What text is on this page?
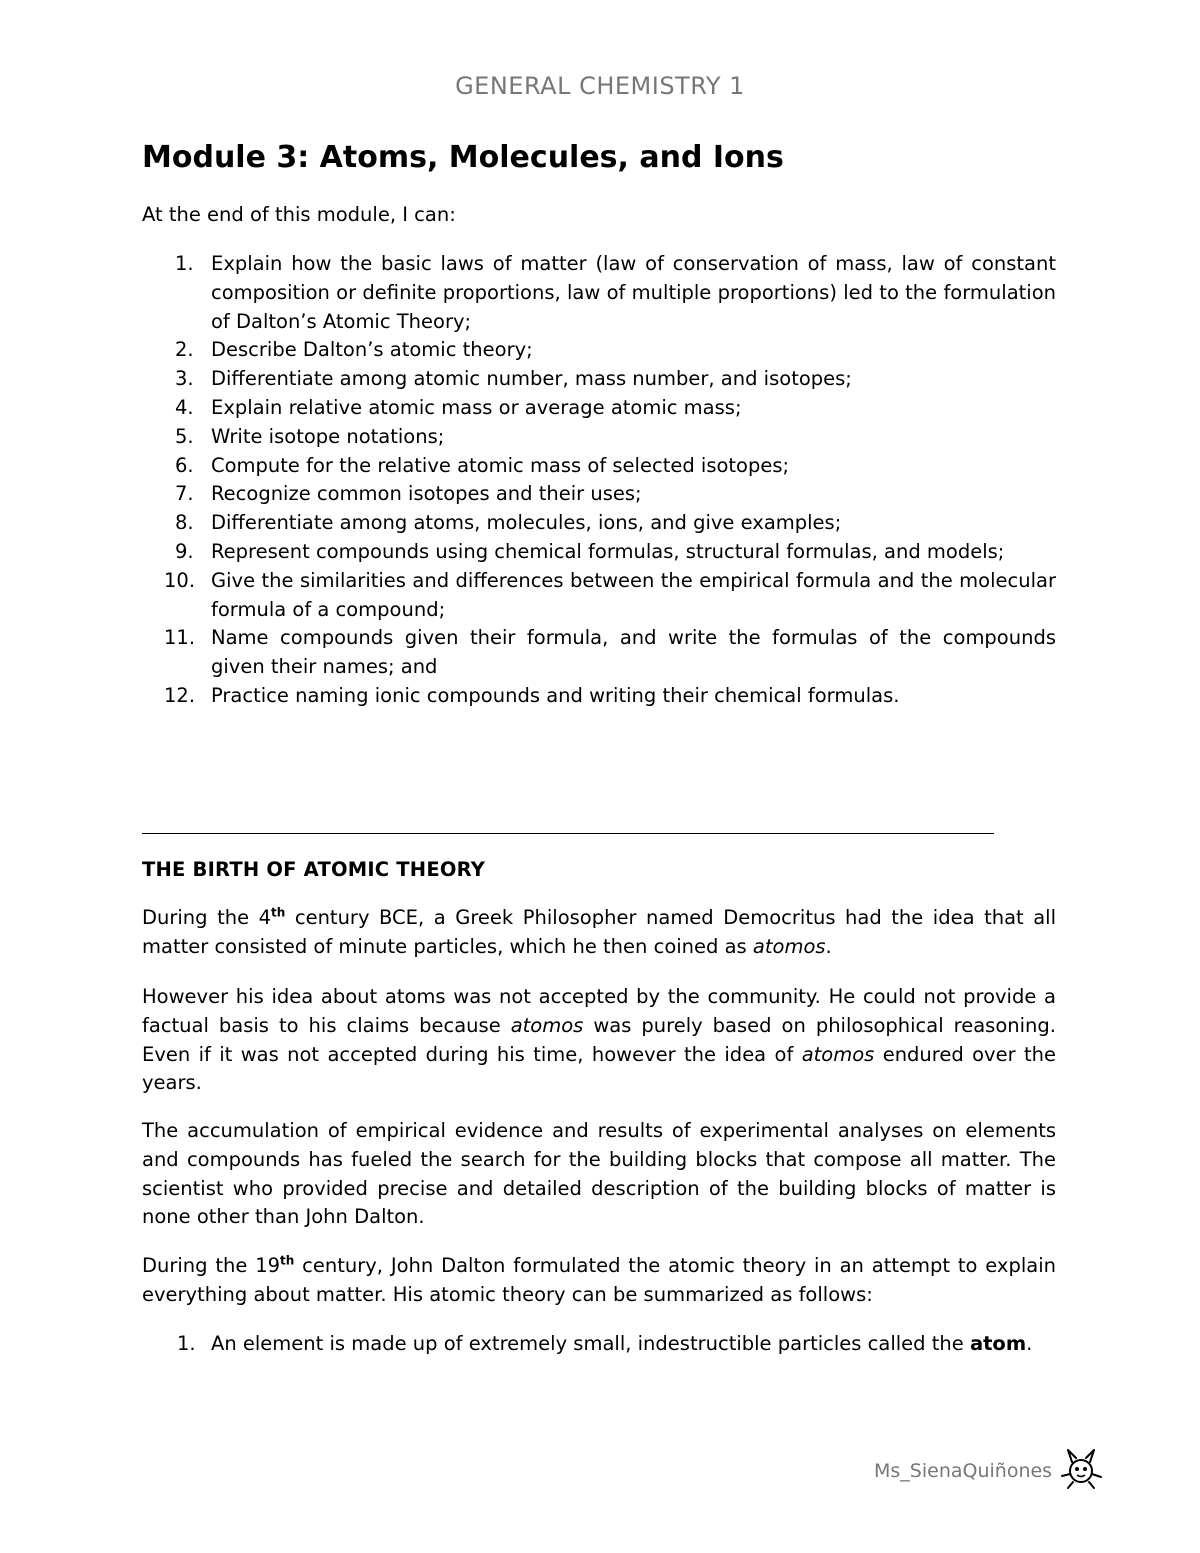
GENERAL CHEMISTRY 1
Module 3: Atoms, Molecules, and Ions

At the end of this module, I can:

1. Explain how the basic laws of matter (law of conservation of mass, law of constant composition or definite proportions, law of multiple proportions) led to the formulation of Dalton’s Atomic Theory;
2. Describe Dalton’s atomic theory;
3. Differentiate among atomic number, mass number, and isotopes;
4. Explain relative atomic mass or average atomic mass;
5. Write isotope notations;
6. Compute for the relative atomic mass of selected isotopes;
7. Recognize common isotopes and their uses;
8. Differentiate among atoms, molecules, ions, and give examples;
9. Represent compounds using chemical formulas, structural formulas, and models;
10. Give the similarities and differences between the empirical formula and the molecular formula of a compound;
11. Name compounds given their formula, and write the formulas of the compounds given their names; and
12. Practice naming ionic compounds and writing their chemical formulas.
THE BIRTH OF ATOMIC THEORY

During the 4th century BCE, a Greek Philosopher named Democritus had the idea that all matter consisted of minute particles, which he then coined as atomos.

However his idea about atoms was not accepted by the community. He could not provide a factual basis to his claims because atomos was purely based on philosophical reasoning. Even if it was not accepted during his time, however the idea of atomos endured over the years.

The accumulation of empirical evidence and results of experimental analyses on elements and compounds has fueled the search for the building blocks that compose all matter. The scientist who provided precise and detailed description of the building blocks of matter is none other than John Dalton.

During the 19th century, John Dalton formulated the atomic theory in an attempt to explain everything about matter. His atomic theory can be summarized as follows:

1. An element is made up of extremely small, indestructible particles called the atom.
Ms_SienaQuiñones
